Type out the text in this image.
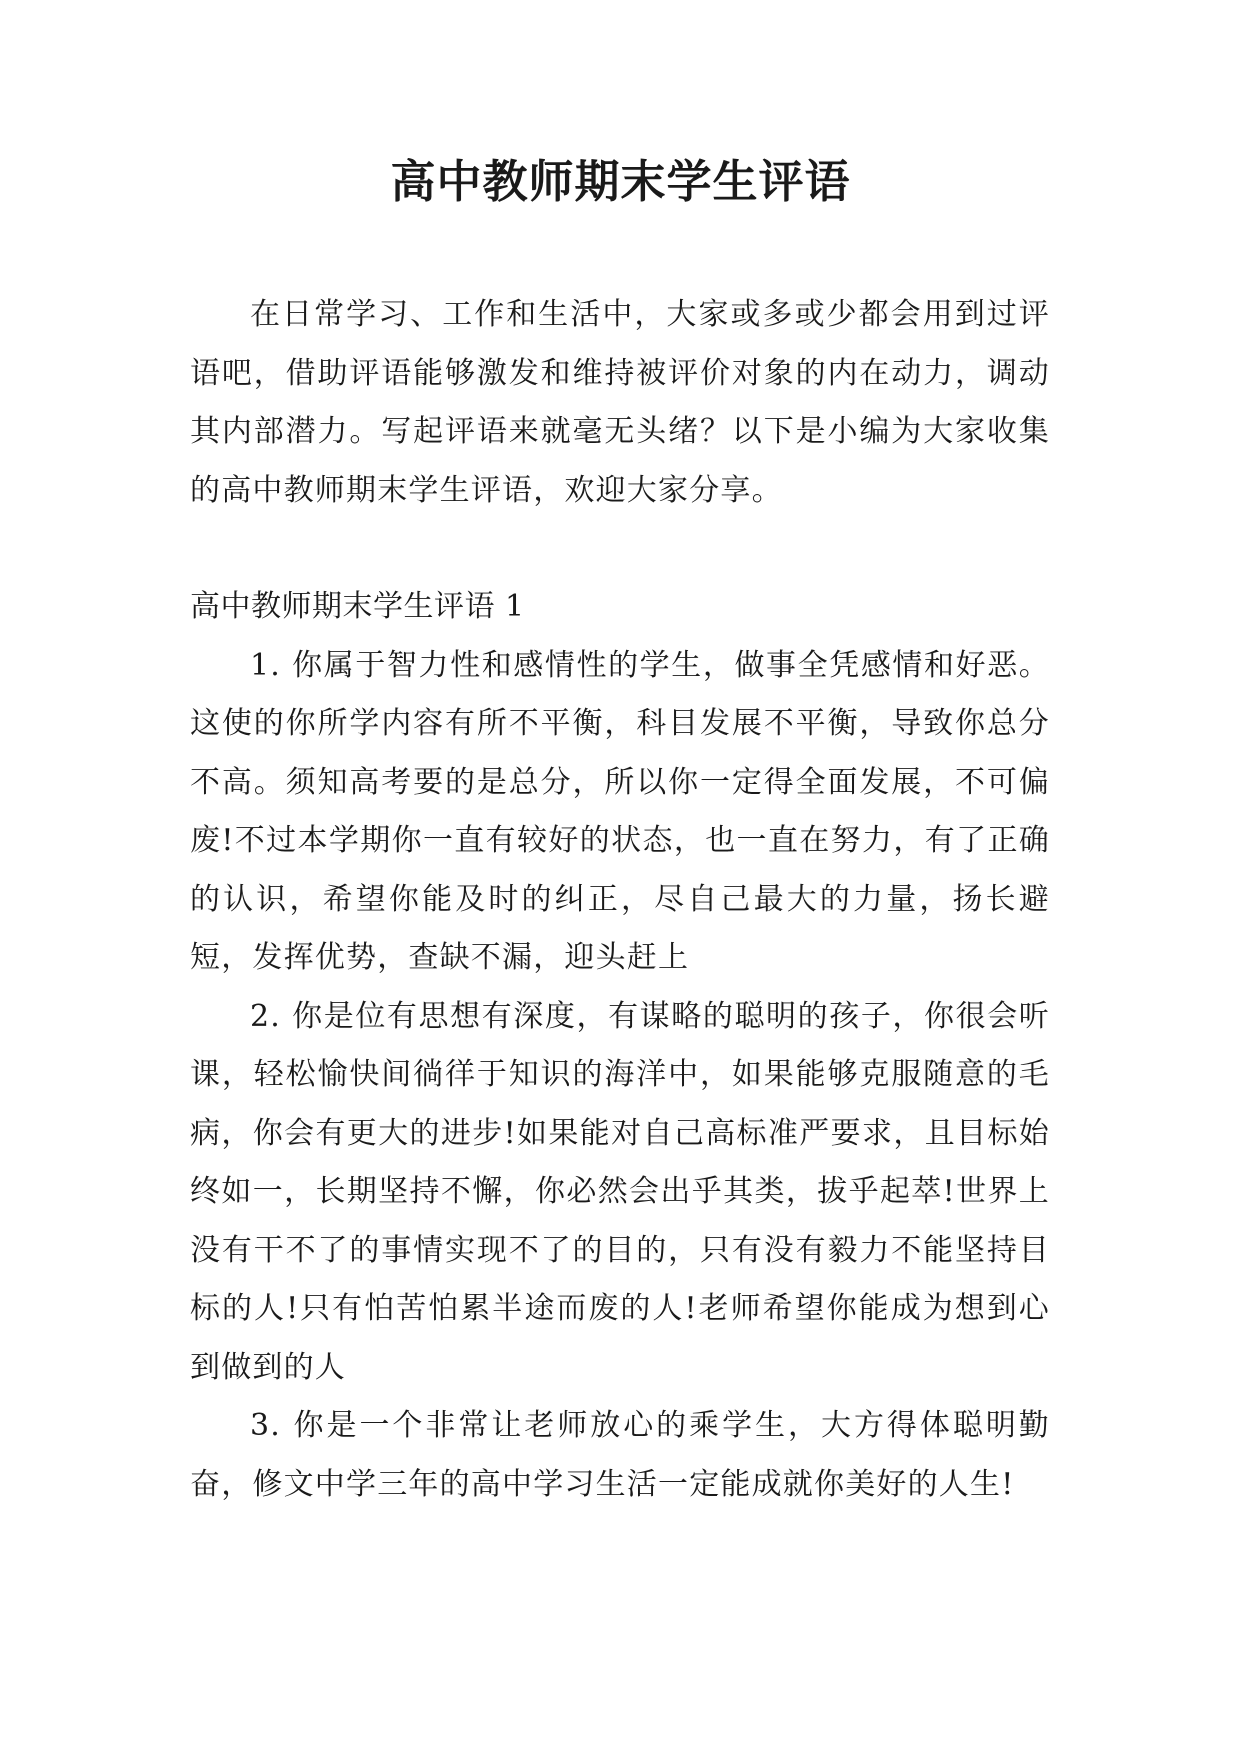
高中教师期末学生评语

在日常学习、工作和生活中，大家或多或少都会用到过评语吧，借助评语能够激发和维持被评价对象的内在动力，调动其内部潜力。写起评语来就毫无头绪？以下是小编为大家收集的高中教师期末学生评语，欢迎大家分享。

高中教师期末学生评语 1

1. 你属于智力性和感情性的学生，做事全凭感情和好恶。这使的你所学内容有所不平衡，科目发展不平衡，导致你总分不高。须知高考要的是总分，所以你一定得全面发展，不可偏废!不过本学期你一直有较好的状态，也一直在努力，有了正确的认识，希望你能及时的纠正，尽自己最大的力量，扬长避短，发挥优势，查缺不漏，迎头赶上

2. 你是位有思想有深度，有谋略的聪明的孩子，你很会听课，轻松愉快间徜徉于知识的海洋中，如果能够克服随意的毛病，你会有更大的进步!如果能对自己高标准严要求，且目标始终如一，长期坚持不懈，你必然会出乎其类，拔乎起萃!世界上没有干不了的事情实现不了的目的，只有没有毅力不能坚持目标的人!只有怕苦怕累半途而废的人!老师希望你能成为想到心到做到的人

3. 你是一个非常让老师放心的乘学生，大方得体聪明勤奋，修文中学三年的高中学习生活一定能成就你美好的人生!
